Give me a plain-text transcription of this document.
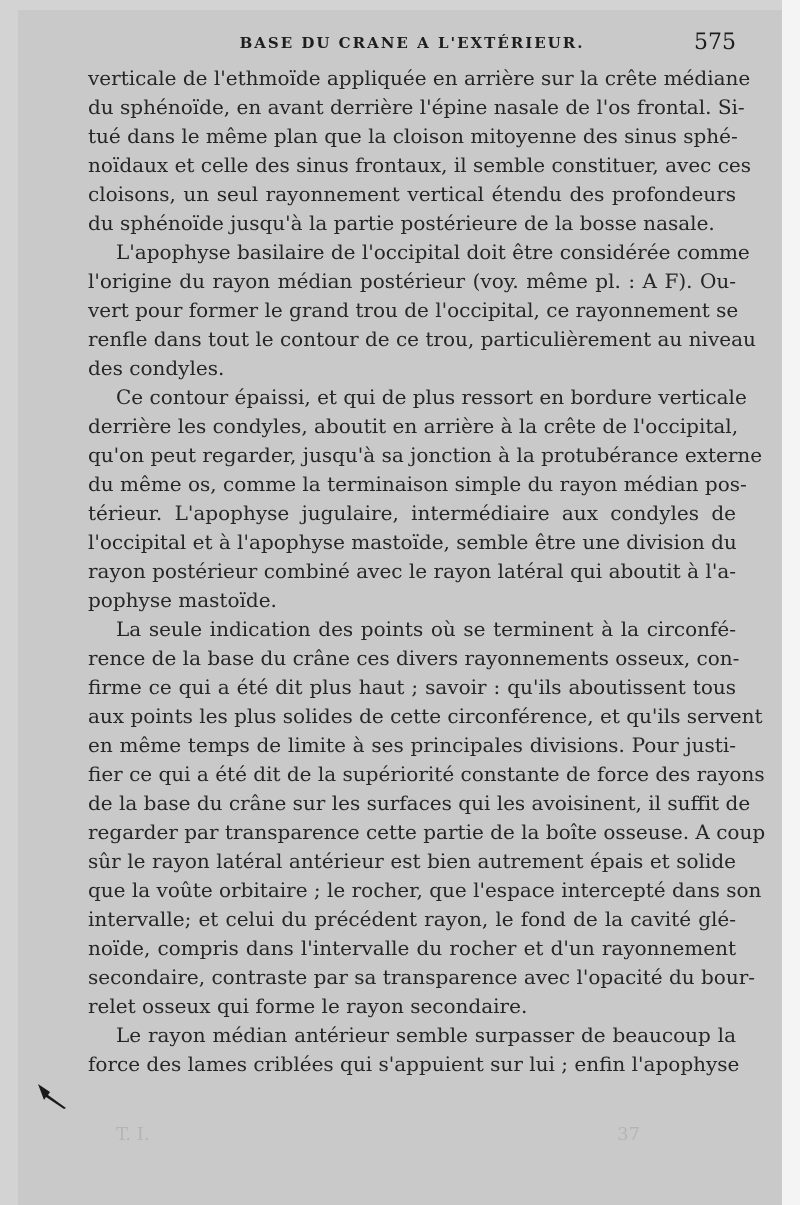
BASE DU CRANE A L'EXTÉRIEUR.	575
verticale de l'ethmoïde appliquée en arrière sur la crête médiane
du sphénoïde, en avant derrière l'épine nasale de l'os frontal. Si-
tué dans le même plan que la cloison mitoyenne des sinus sphé-
noïdaux et celle des sinus frontaux, il semble constituer, avec ces
cloisons, un seul rayonnement vertical étendu des profondeurs
du sphénoïde jusqu'à la partie postérieure de la bosse nasale.
L'apophyse basilaire de l'occipital doit être considérée comme
l'origine du rayon médian postérieur (voy. même pl. : A F). Ou-
vert pour former le grand trou de l'occipital, ce rayonnement se
renfle dans tout le contour de ce trou, particulièrement au niveau
des condyles.
Ce contour épaissi, et qui de plus ressort en bordure verticale
derrière les condyles, aboutit en arrière à la crête de l'occipital,
qu'on peut regarder, jusqu'à sa jonction à la protubérance externe
du même os, comme la terminaison simple du rayon médian pos-
térieur. L'apophyse jugulaire, intermédiaire aux condyles de
l'occipital et à l'apophyse mastoïde, semble être une division du
rayon postérieur combiné avec le rayon latéral qui aboutit à l'a-
pophyse mastoïde.
La seule indication des points où se terminent à la circonfé-
rence de la base du crâne ces divers rayonnements osseux, con-
firme ce qui a été dit plus haut ; savoir : qu'ils aboutissent tous
aux points les plus solides de cette circonférence, et qu'ils servent
en même temps de limite à ses principales divisions. Pour justi-
fier ce qui a été dit de la supériorité constante de force des rayons
de la base du crâne sur les surfaces qui les avoisinent, il suffit de
regarder par transparence cette partie de la boîte osseuse. A coup
sûr le rayon latéral antérieur est bien autrement épais et solide
que la voûte orbitaire ; le rocher, que l'espace intercepté dans son
intervalle; et celui du précédent rayon, le fond de la cavité glé-
noïde, compris dans l'intervalle du rocher et d'un rayonnement
secondaire, contraste par sa transparence avec l'opacité du bour-
relet osseux qui forme le rayon secondaire.
Le rayon médian antérieur semble surpasser de beaucoup la
force des lames criblées qui s'appuient sur lui ; enfin l'apophyse
T. I.	37
